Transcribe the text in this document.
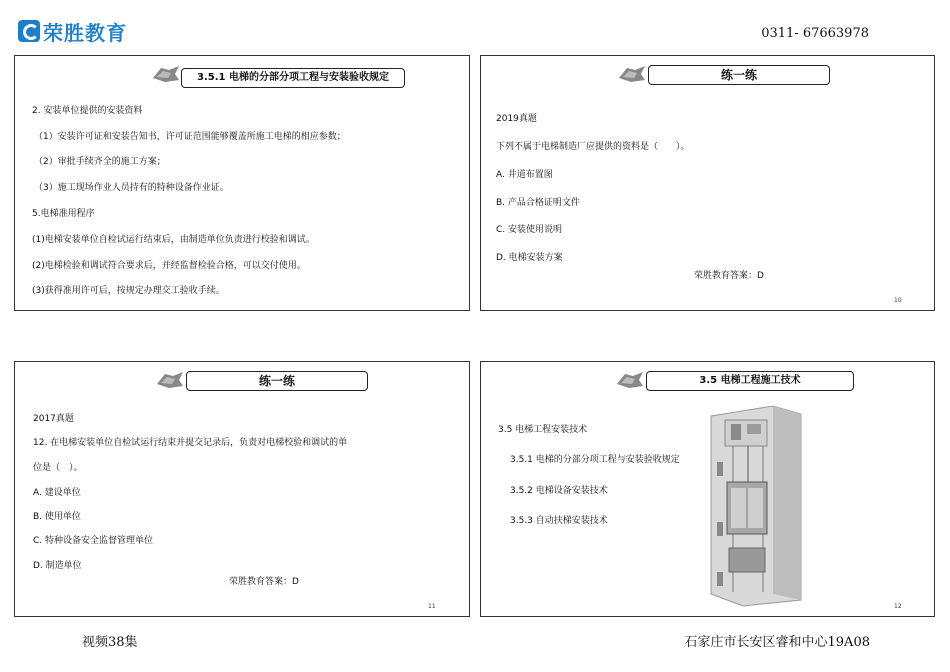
荣胜教育	0311- 67663978
3.5.1 电梯的分部分项工程与安装验收规定
2. 安装单位提供的安装资料
（1）安装许可证和安装告知书，许可证范围能够覆盖所施工电梯的相应参数；
（2）审批手续齐全的施工方案；
（3）施工现场作业人员持有的特种设备作业证。
5.电梯准用程序
(1)电梯安装单位自检试运行结束后，由制造单位负责进行校验和调试。
(2)电梯检验和调试符合要求后，并经监督检验合格，可以交付使用。
(3)获得准用许可后，按规定办理交工验收手续。
练一练
2019真题
下列不属于电梯制造厂应提供的资料是（　　）。
A. 井道布置图
B. 产品合格证明文件
C. 安装使用说明
D. 电梯安装方案
荣胜教育答案：D
10
练一练
2017真题
12. 在电梯安装单位自检试运行结束并提交记录后，负责对电梯校验和调试的单
位是（　）。
A. 建设单位
B. 使用单位
C. 特种设备安全监督管理单位
D. 制造单位
荣胜教育答案：D
11
3.5 电梯工程施工技术
3.5 电梯工程安装技术
3.5.1 电梯的分部分项工程与安装验收规定
3.5.2 电梯设备安装技术
3.5.3 自动扶梯安装技术
12
视频38集	石家庄市长安区睿和中心19A08
